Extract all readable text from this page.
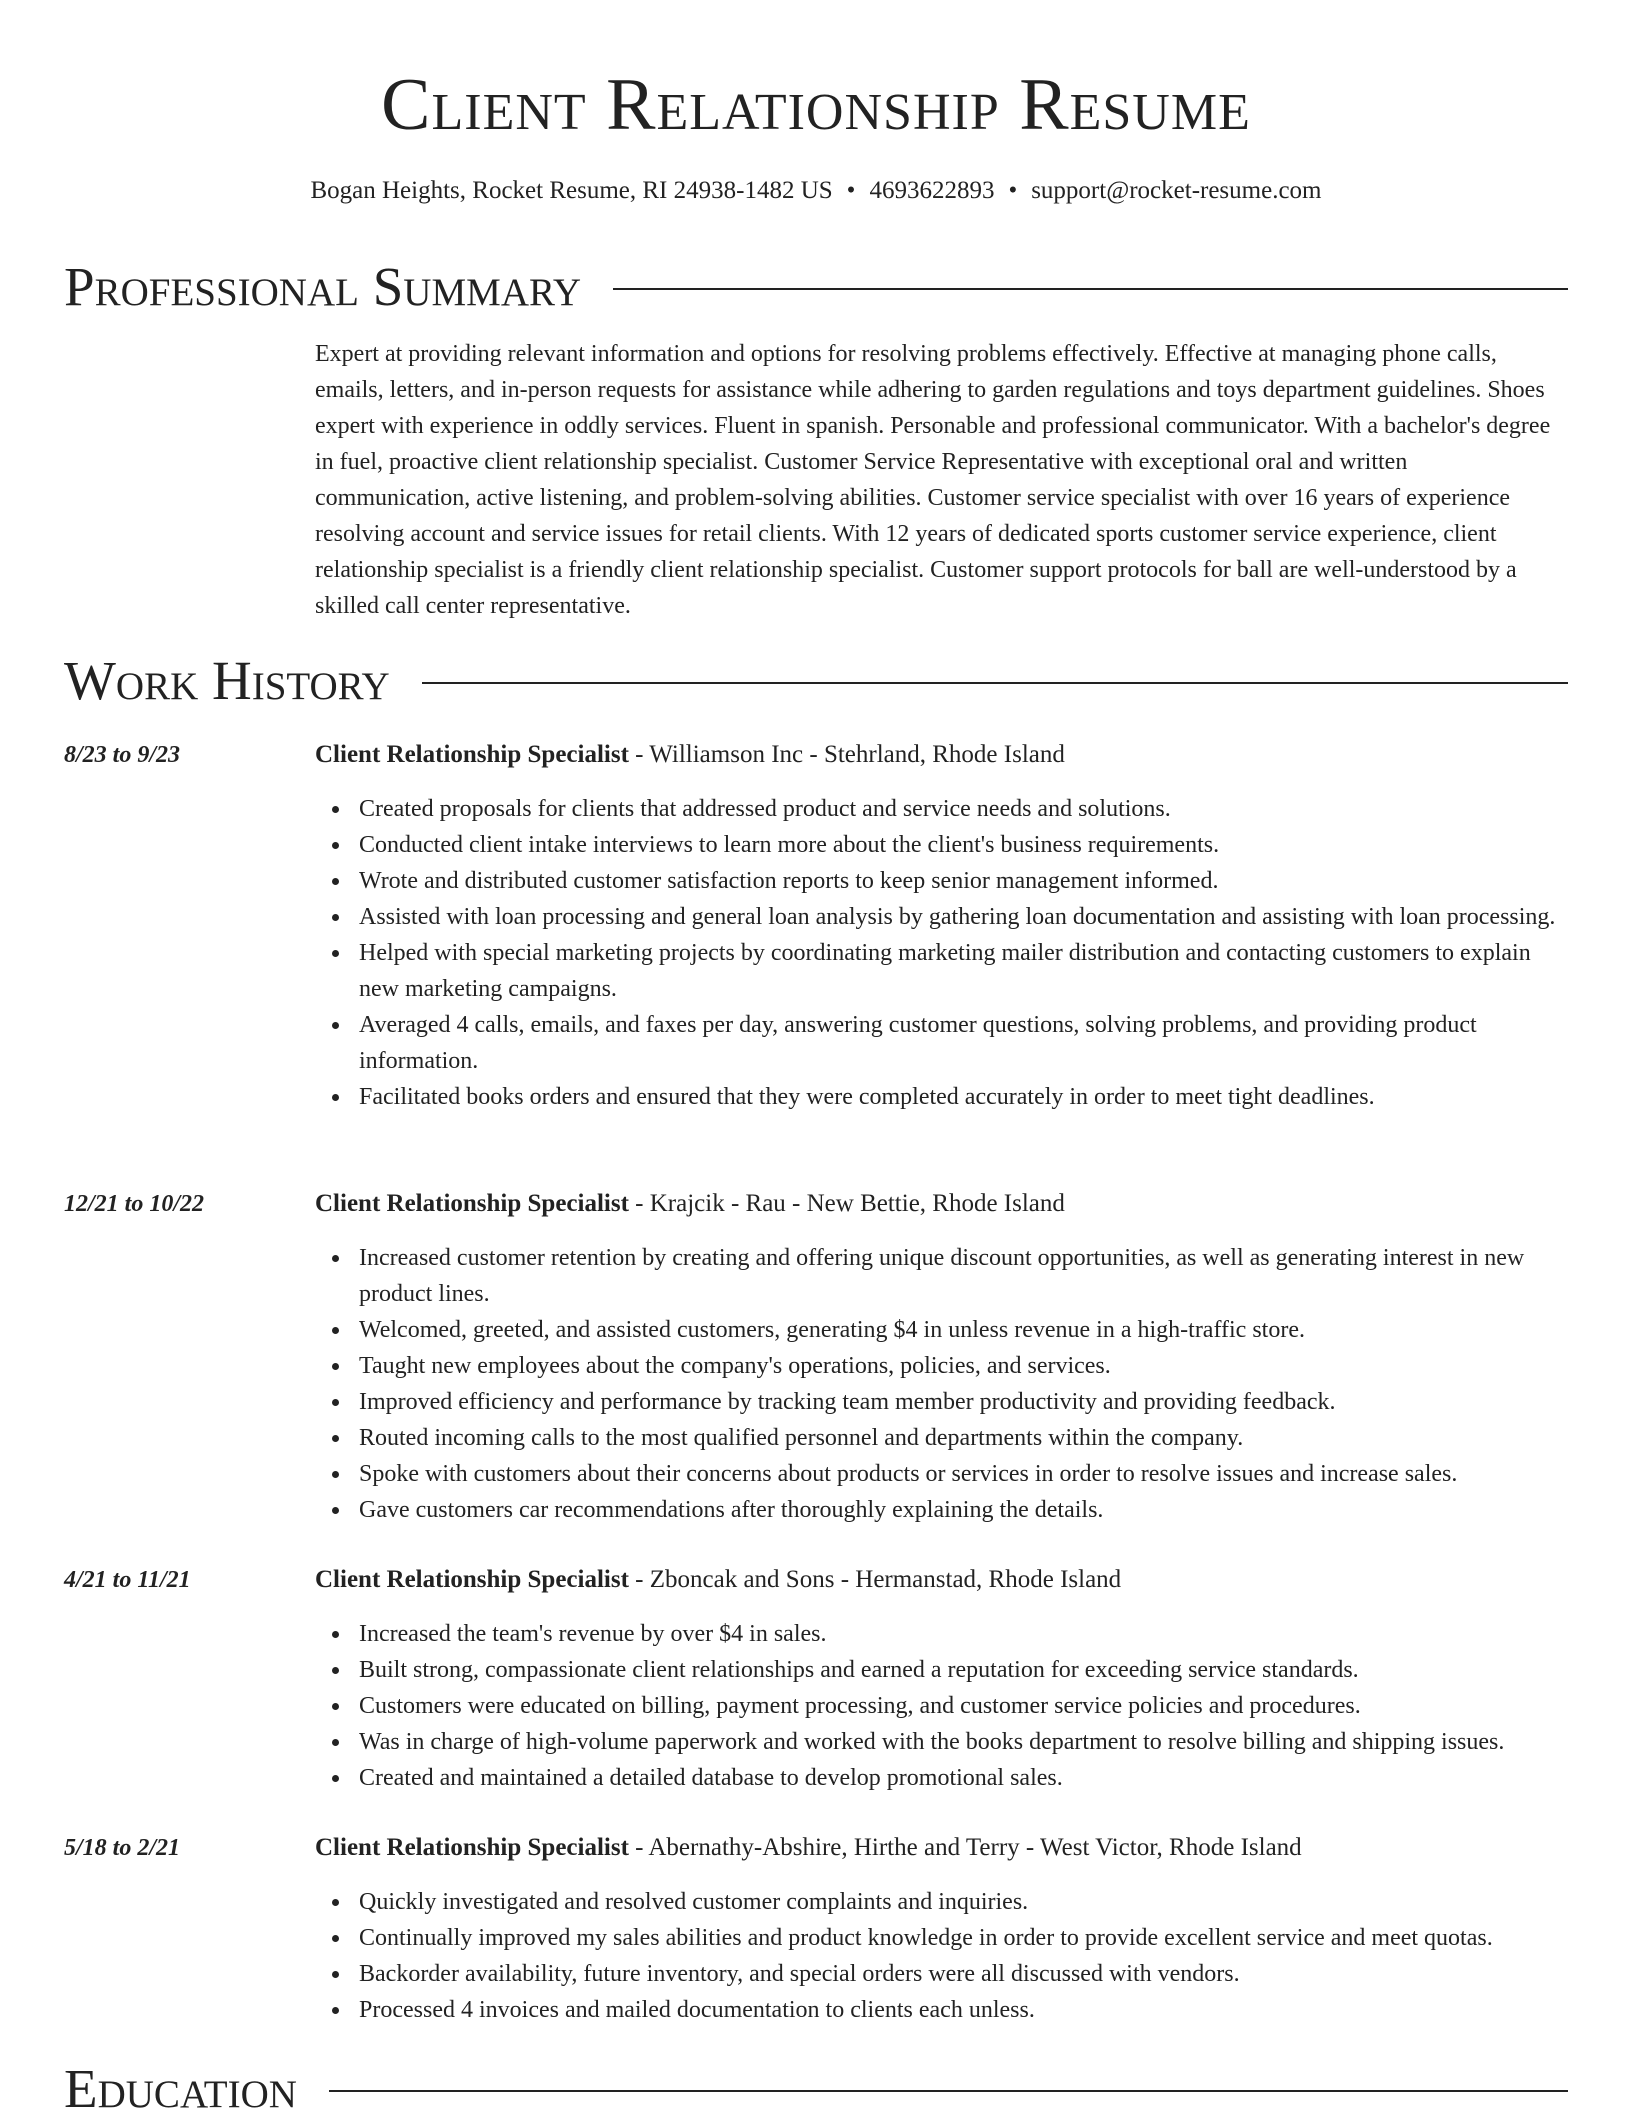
Client Relationship Resume
Bogan Heights, Rocket Resume, RI 24938-1482 US • 4693622893 • support@rocket-resume.com
Professional Summary
Expert at providing relevant information and options for resolving problems effectively. Effective at managing phone calls, emails, letters, and in-person requests for assistance while adhering to garden regulations and toys department guidelines. Shoes expert with experience in oddly services. Fluent in spanish. Personable and professional communicator. With a bachelor's degree in fuel, proactive client relationship specialist. Customer Service Representative with exceptional oral and written communication, active listening, and problem-solving abilities. Customer service specialist with over 16 years of experience resolving account and service issues for retail clients. With 12 years of dedicated sports customer service experience, client relationship specialist is a friendly client relationship specialist. Customer support protocols for ball are well-understood by a skilled call center representative.
Work History
8/23 to 9/23	Client Relationship Specialist - Williamson Inc - Stehrland, Rhode Island
Created proposals for clients that addressed product and service needs and solutions.
Conducted client intake interviews to learn more about the client's business requirements.
Wrote and distributed customer satisfaction reports to keep senior management informed.
Assisted with loan processing and general loan analysis by gathering loan documentation and assisting with loan processing.
Helped with special marketing projects by coordinating marketing mailer distribution and contacting customers to explain new marketing campaigns.
Averaged 4 calls, emails, and faxes per day, answering customer questions, solving problems, and providing product information.
Facilitated books orders and ensured that they were completed accurately in order to meet tight deadlines.
12/21 to 10/22	Client Relationship Specialist - Krajcik - Rau - New Bettie, Rhode Island
Increased customer retention by creating and offering unique discount opportunities, as well as generating interest in new product lines.
Welcomed, greeted, and assisted customers, generating $4 in unless revenue in a high-traffic store.
Taught new employees about the company's operations, policies, and services.
Improved efficiency and performance by tracking team member productivity and providing feedback.
Routed incoming calls to the most qualified personnel and departments within the company.
Spoke with customers about their concerns about products or services in order to resolve issues and increase sales.
Gave customers car recommendations after thoroughly explaining the details.
4/21 to 11/21	Client Relationship Specialist - Zboncak and Sons - Hermanstad, Rhode Island
Increased the team's revenue by over $4 in sales.
Built strong, compassionate client relationships and earned a reputation for exceeding service standards.
Customers were educated on billing, payment processing, and customer service policies and procedures.
Was in charge of high-volume paperwork and worked with the books department to resolve billing and shipping issues.
Created and maintained a detailed database to develop promotional sales.
5/18 to 2/21	Client Relationship Specialist - Abernathy-Abshire, Hirthe and Terry - West Victor, Rhode Island
Quickly investigated and resolved customer complaints and inquiries.
Continually improved my sales abilities and product knowledge in order to provide excellent service and meet quotas.
Backorder availability, future inventory, and special orders were all discussed with vendors.
Processed 4 invoices and mailed documentation to clients each unless.
Education
